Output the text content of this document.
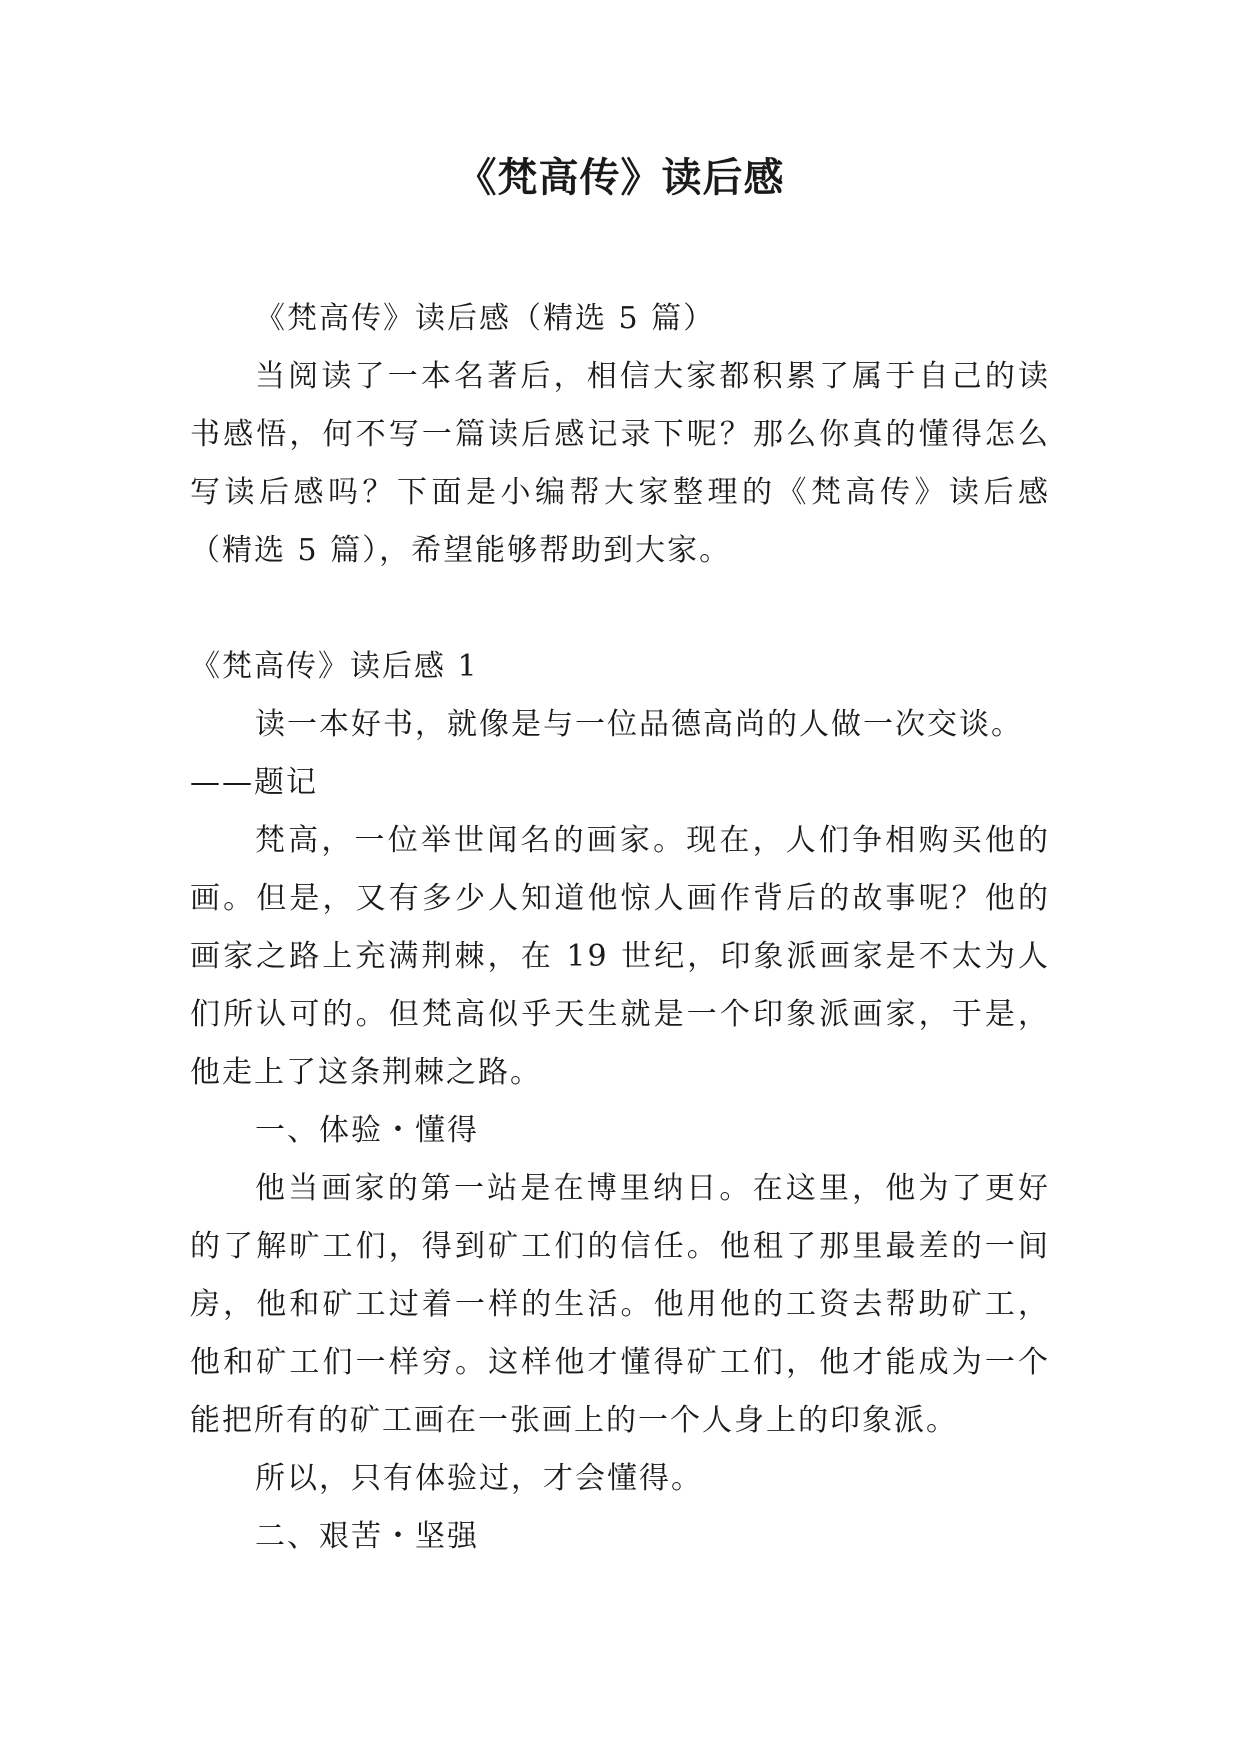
《梵高传》读后感

《梵高传》读后感（精选 5 篇）

当阅读了一本名著后，相信大家都积累了属于自己的读书感悟，何不写一篇读后感记录下呢？那么你真的懂得怎么写读后感吗？下面是小编帮大家整理的《梵高传》读后感（精选 5 篇），希望能够帮助到大家。

《梵高传》读后感 1

读一本好书，就像是与一位品德高尚的人做一次交谈。

——题记

梵高，一位举世闻名的画家。现在，人们争相购买他的画。但是，又有多少人知道他惊人画作背后的故事呢？他的画家之路上充满荆棘，在 19 世纪，印象派画家是不太为人们所认可的。但梵高似乎天生就是一个印象派画家，于是，他走上了这条荆棘之路。

一、体验・懂得

他当画家的第一站是在博里纳日。在这里，他为了更好的了解旷工们，得到矿工们的信任。他租了那里最差的一间房，他和矿工过着一样的生活。他用他的工资去帮助矿工，他和矿工们一样穷。这样他才懂得矿工们，他才能成为一个能把所有的矿工画在一张画上的一个人身上的印象派。

所以，只有体验过，才会懂得。

二、艰苦・坚强
